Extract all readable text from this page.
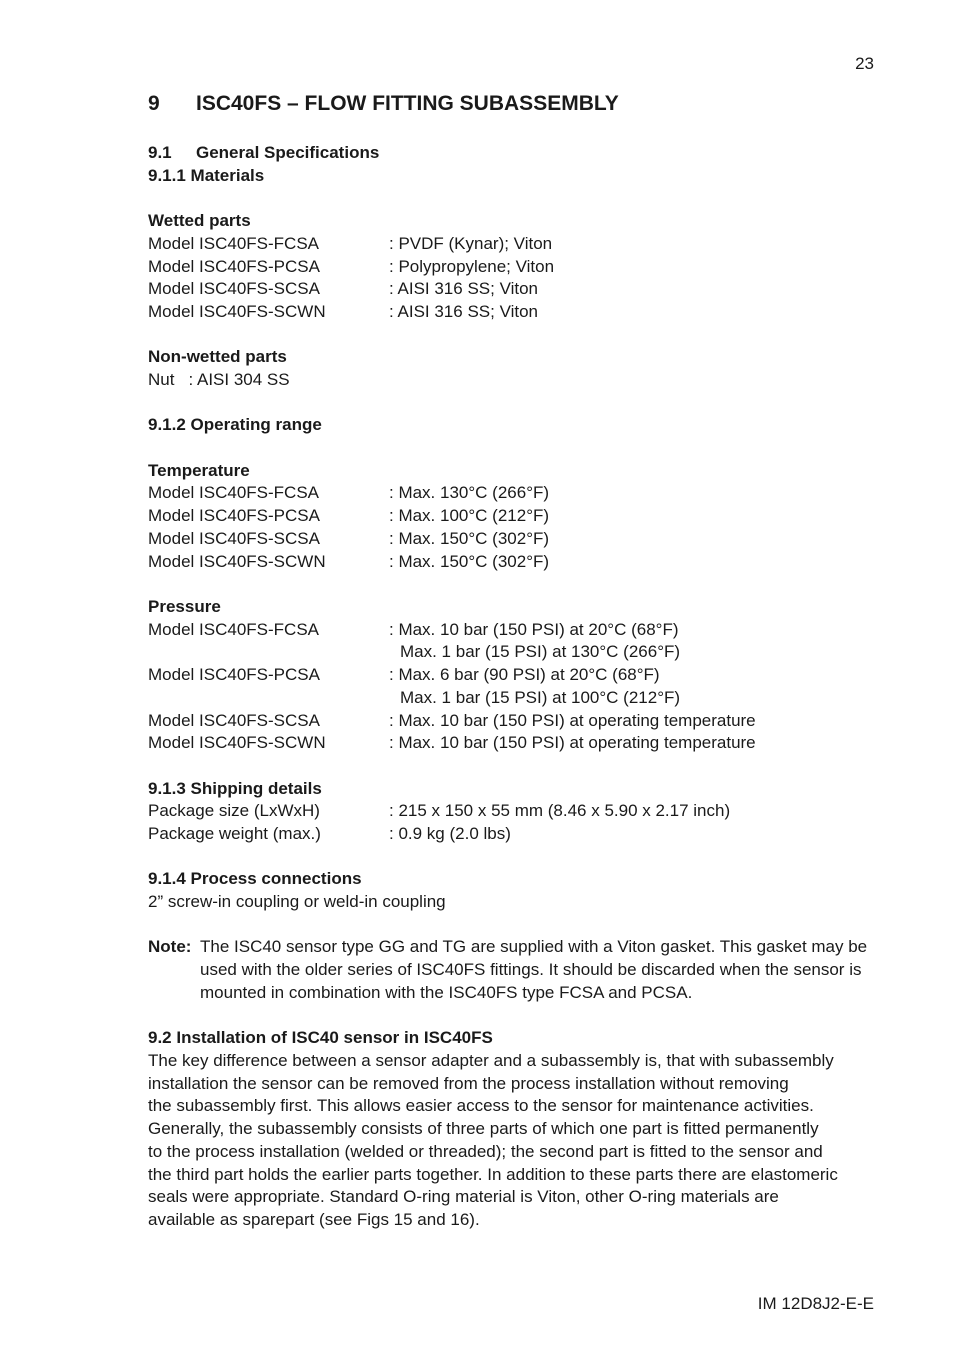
23
9	ISC40FS – FLOW FITTING SUBASSEMBLY
9.1	General Specifications
9.1.1 Materials
Wetted parts
Model ISC40FS-FCSA	: PVDF (Kynar); Viton
Model ISC40FS-PCSA	: Polypropylene; Viton
Model ISC40FS-SCSA	: AISI 316 SS; Viton
Model ISC40FS-SCWN	: AISI 316 SS; Viton
Non-wetted parts
Nut : AISI 304 SS
9.1.2 Operating range
Temperature
Model ISC40FS-FCSA	: Max. 130°C (266°F)
Model ISC40FS-PCSA	: Max. 100°C (212°F)
Model ISC40FS-SCSA	: Max. 150°C (302°F)
Model ISC40FS-SCWN	: Max. 150°C (302°F)
Pressure
Model ISC40FS-FCSA	: Max. 10 bar (150 PSI) at 20°C (68°F)
Max. 1 bar (15 PSI) at 130°C (266°F)
Model ISC40FS-PCSA	: Max. 6 bar (90 PSI) at 20°C (68°F)
Max. 1 bar (15 PSI) at 100°C (212°F)
Model ISC40FS-SCSA	: Max. 10 bar (150 PSI) at operating temperature
Model ISC40FS-SCWN	: Max. 10 bar (150 PSI) at operating temperature
9.1.3 Shipping details
Package size (LxWxH)	: 215 x 150 x 55 mm (8.46 x 5.90 x 2.17 inch)
Package weight (max.)	: 0.9 kg (2.0 lbs)
9.1.4 Process connections
2” screw-in coupling or weld-in coupling
Note: The ISC40 sensor type GG and TG are supplied with a Viton gasket. This gasket may be used with the older series of ISC40FS fittings. It should be discarded when the sensor is mounted in combination with the ISC40FS type FCSA and PCSA.
9.2 Installation of ISC40 sensor in ISC40FS
The key difference between a sensor adapter and a subassembly is, that with subassembly
installation the sensor can be removed from the process installation without removing
the subassembly first. This allows easier access to the sensor for maintenance activities.
Generally, the subassembly consists of three parts of which one part is fitted permanently
to the process installation (welded or threaded); the second part is fitted to the sensor and
the third part holds the earlier parts together. In addition to these parts there are elastomeric
seals were appropriate. Standard O-ring material is Viton, other O-ring materials are
available as sparepart (see Figs 15 and 16).
IM 12D8J2-E-E
